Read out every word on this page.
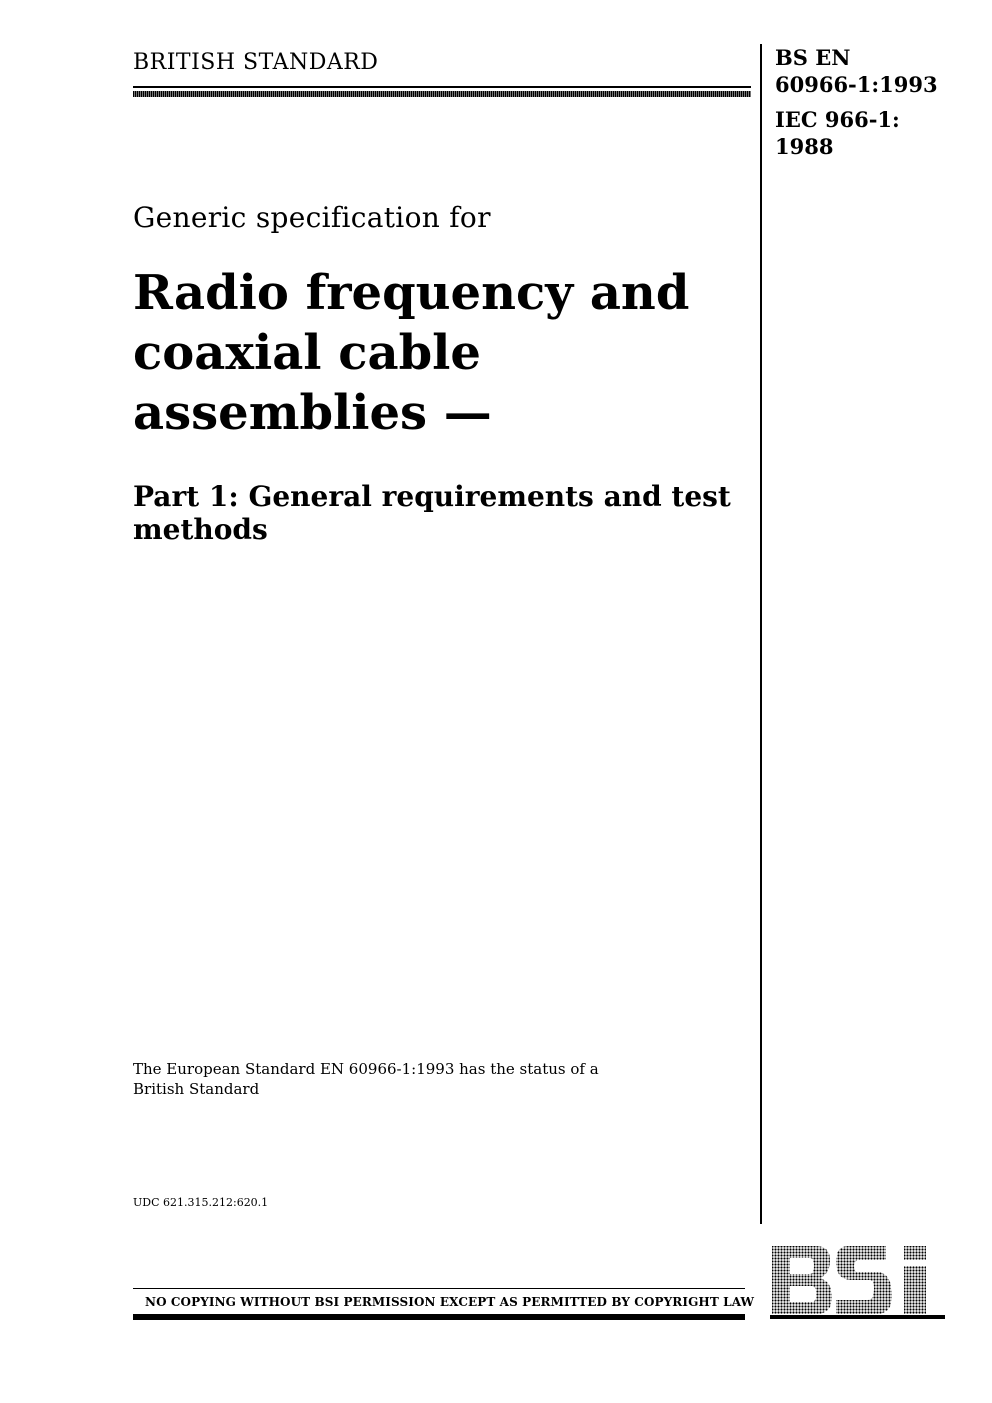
BRITISH STANDARD	BS EN
60966-1:1993
IEC 966-1:
1988
Generic specification for
Radio frequency and
coaxial cable
assemblies —
Part 1: General requirements and test
methods
The European Standard EN 60966-1:1993 has the status of a
British Standard
UDC 621.315.212:620.1
NO COPYING WITHOUT BSI PERMISSION EXCEPT AS PERMITTED BY COPYRIGHT LAW
